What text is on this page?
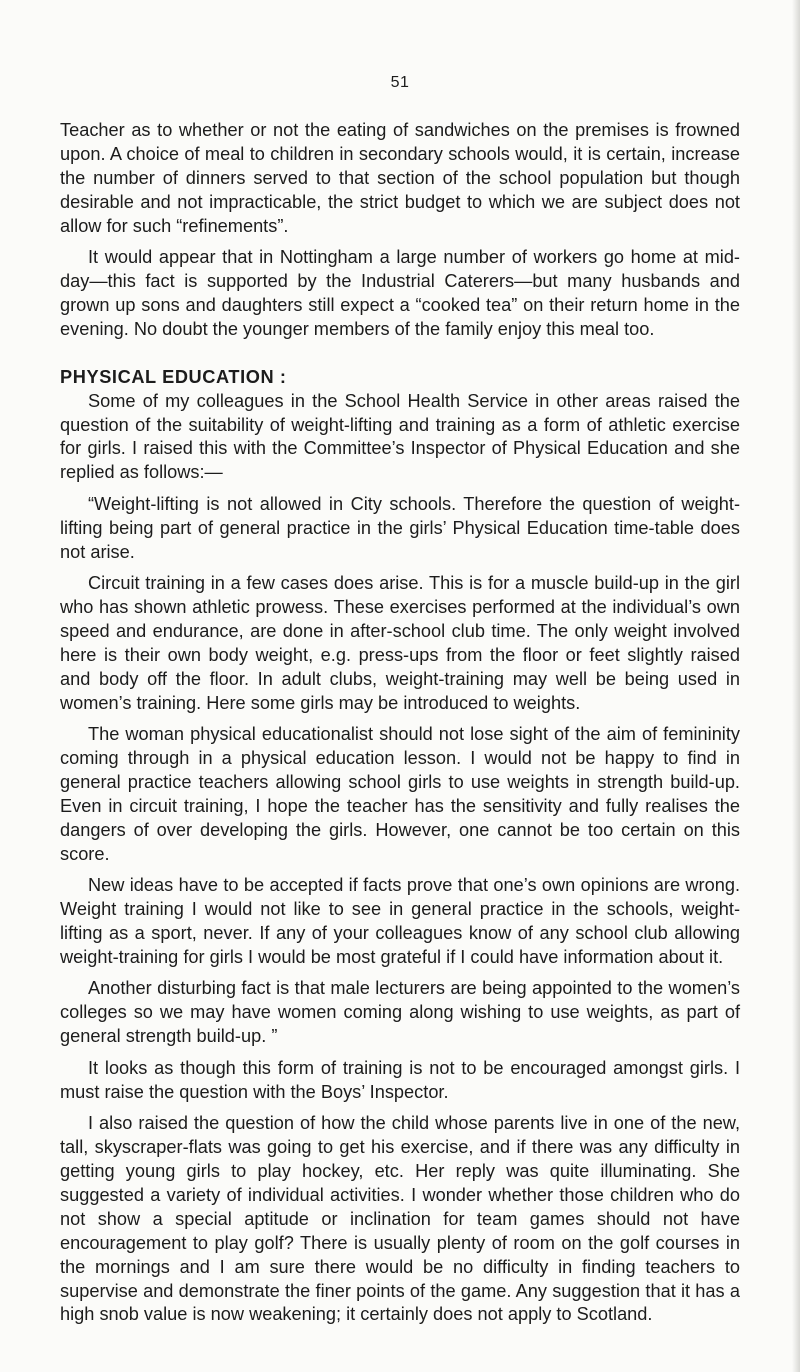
51

Teacher as to whether or not the eating of sandwiches on the premises is frowned upon. A choice of meal to children in secondary schools would, it is certain, increase the number of dinners served to that section of the school population but though desirable and not impracticable, the strict budget to which we are subject does not allow for such “refinements”.

It would appear that in Nottingham a large number of workers go home at mid-day—this fact is supported by the Industrial Caterers—but many husbands and grown up sons and daughters still expect a “cooked tea” on their return home in the evening. No doubt the younger members of the family enjoy this meal too.

PHYSICAL EDUCATION :

Some of my colleagues in the School Health Service in other areas raised the question of the suitability of weight-lifting and training as a form of athletic exercise for girls. I raised this with the Committee’s Inspector of Physical Education and she replied as follows:—

“Weight-lifting is not allowed in City schools. Therefore the question of weight-lifting being part of general practice in the girls’ Physical Education time-table does not arise.

Circuit training in a few cases does arise. This is for a muscle build-up in the girl who has shown athletic prowess. These exercises performed at the individual’s own speed and endurance, are done in after-school club time. The only weight involved here is their own body weight, e.g. press-ups from the floor or feet slightly raised and body off the floor. In adult clubs, weight-training may well be being used in women’s training. Here some girls may be introduced to weights.

The woman physical educationalist should not lose sight of the aim of femininity coming through in a physical education lesson. I would not be happy to find in general practice teachers allowing school girls to use weights in strength build-up. Even in circuit training, I hope the teacher has the sensitivity and fully realises the dangers of over developing the girls. However, one cannot be too certain on this score.

New ideas have to be accepted if facts prove that one’s own opinions are wrong. Weight training I would not like to see in general practice in the schools, weight-lifting as a sport, never. If any of your colleagues know of any school club allowing weight-training for girls I would be most grateful if I could have information about it.

Another disturbing fact is that male lecturers are being appointed to the women’s colleges so we may have women coming along wishing to use weights, as part of general strength build-up. ”

It looks as though this form of training is not to be encouraged amongst girls. I must raise the question with the Boys’ Inspector.

I also raised the question of how the child whose parents live in one of the new, tall, skyscraper-flats was going to get his exercise, and if there was any difficulty in getting young girls to play hockey, etc. Her reply was quite illuminating. She suggested a variety of individual activities. I wonder whether those children who do not show a special aptitude or inclination for team games should not have encouragement to play golf? There is usually plenty of room on the golf courses in the mornings and I am sure there would be no difficulty in finding teachers to supervise and demonstrate the finer points of the game. Any suggestion that it has a high snob value is now weakening; it certainly does not apply to Scotland.
